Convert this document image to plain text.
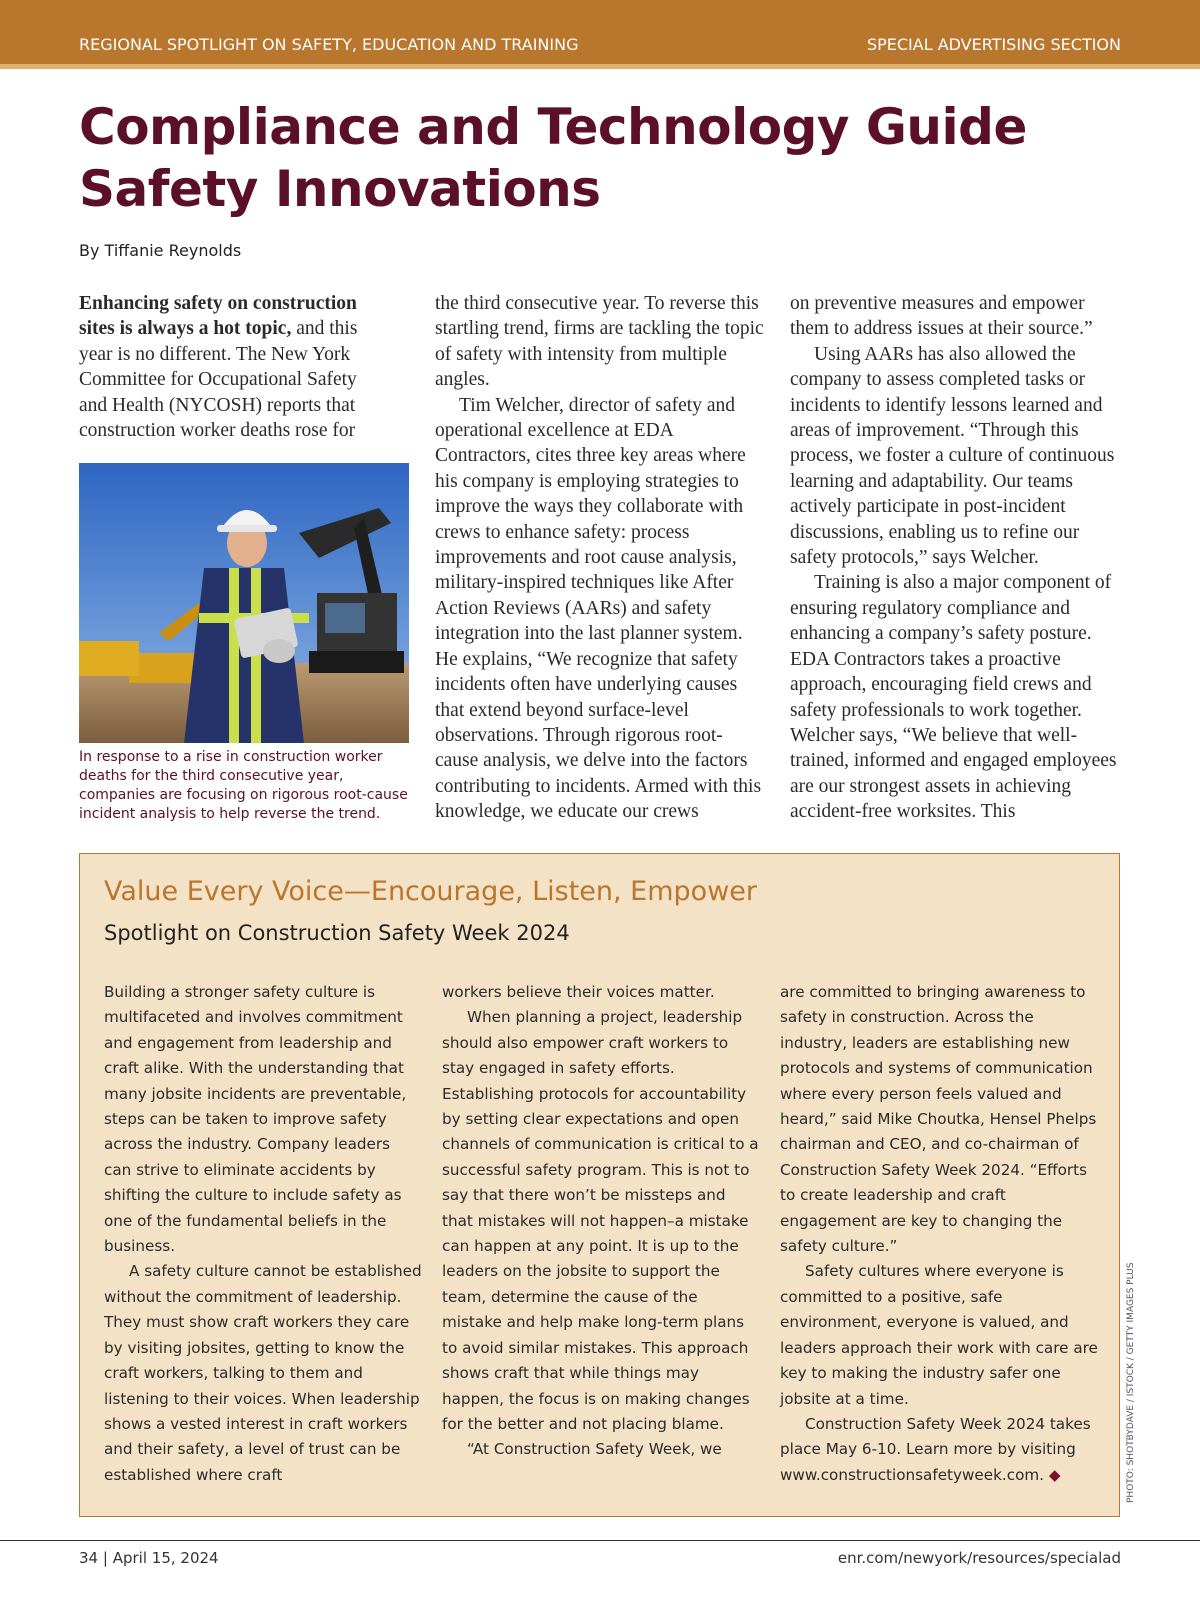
REGIONAL SPOTLIGHT ON SAFETY, EDUCATION AND TRAINING	SPECIAL ADVERTISING SECTION
Compliance and Technology Guide
Safety Innovations
By Tiffanie Reynolds

Enhancing safety on construction sites is always a hot topic, and this year is no different. The New York Committee for Occupational Safety and Health (NYCOSH) reports that construction worker deaths rose for

In response to a rise in construction worker deaths for the third consecutive year, companies are focusing on rigorous root-cause incident analysis to help reverse the trend.

the third consecutive year. To reverse this startling trend, firms are tackling the topic of safety with intensity from multiple angles.

Tim Welcher, director of safety and operational excellence at EDA Contractors, cites three key areas where his company is employing strategies to improve the ways they collaborate with crews to enhance safety: process improvements and root cause analysis, military-inspired techniques like After Action Reviews (AARs) and safety integration into the last planner system. He explains, “We recognize that safety incidents often have underlying causes that extend beyond surface-level observations. Through rigorous root-cause analysis, we delve into the factors contributing to incidents. Armed with this knowledge, we educate our crews

on preventive measures and empower them to address issues at their source.”

Using AARs has also allowed the company to assess completed tasks or incidents to identify lessons learned and areas of improvement. “Through this process, we foster a culture of continuous learning and adaptability. Our teams actively participate in post-incident discussions, enabling us to refine our safety protocols,” says Welcher.

Training is also a major component of ensuring regulatory compliance and enhancing a company’s safety posture. EDA Contractors takes a proactive approach, encouraging field crews and safety professionals to work together. Welcher says, “We believe that well-trained, informed and engaged employees are our strongest assets in achieving accident-free worksites. This

Value Every Voice—Encourage, Listen, Empower
Spotlight on Construction Safety Week 2024

Building a stronger safety culture is multifaceted and involves commitment and engagement from leadership and craft alike. With the understanding that many jobsite incidents are preventable, steps can be taken to improve safety across the industry. Company leaders can strive to eliminate accidents by shifting the culture to include safety as one of the fundamental beliefs in the business.

A safety culture cannot be established without the commitment of leadership. They must show craft workers they care by visiting jobsites, getting to know the craft workers, talking to them and listening to their voices. When leadership shows a vested interest in craft workers and their safety, a level of trust can be established where craft

workers believe their voices matter.

When planning a project, leadership should also empower craft workers to stay engaged in safety efforts. Establishing protocols for accountability by setting clear expectations and open channels of communication is critical to a successful safety program. This is not to say that there won’t be missteps and that mistakes will not happen–a mistake can happen at any point. It is up to the leaders on the jobsite to support the team, determine the cause of the mistake and help make long-term plans to avoid similar mistakes. This approach shows craft that while things may happen, the focus is on making changes for the better and not placing blame.

“At Construction Safety Week, we

are committed to bringing awareness to safety in construction. Across the industry, leaders are establishing new protocols and systems of communication where every person feels valued and heard,” said Mike Choutka, Hensel Phelps chairman and CEO, and co-chairman of Construction Safety Week 2024. “Efforts to create leadership and craft engagement are key to changing the safety culture.”

Safety cultures where everyone is committed to a positive, safe environment, everyone is valued, and leaders approach their work with care are key to making the industry safer one jobsite at a time.

Construction Safety Week 2024 takes place May 6-10. Learn more by visiting www.constructionsafetyweek.com. ◆	PHOTO: SHOTBYDAVE / ISTOCK / GETTY IMAGES PLUS
34 | April 15, 2024	enr.com/newyork/resources/specialad
